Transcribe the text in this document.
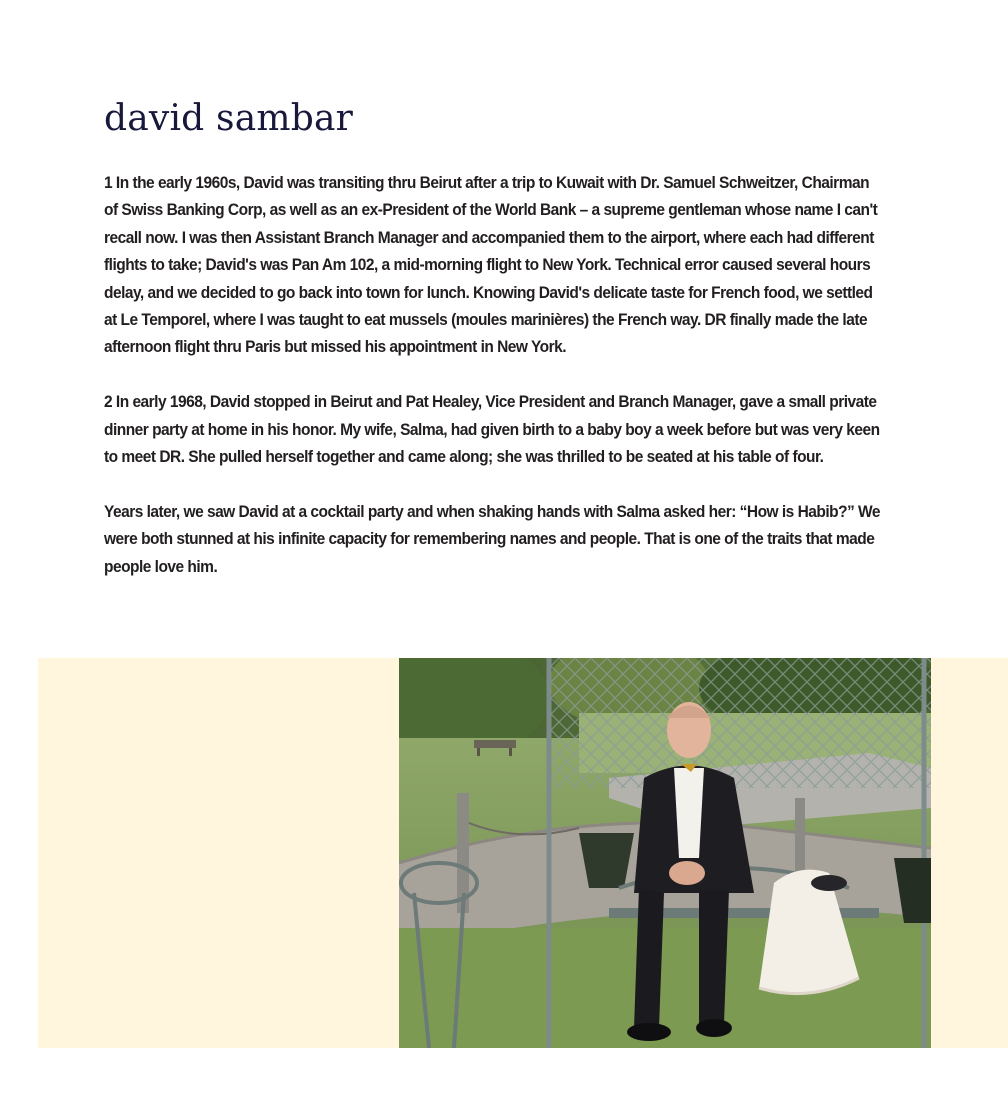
david sambar

1 In the early 1960s, David was transiting thru Beirut after a trip to Kuwait with Dr. Samuel Schweitzer, Chairman of Swiss Banking Corp, as well as an ex-President of the World Bank – a supreme gentleman whose name I can't recall now. I was then Assistant Branch Manager and accompanied them to the airport, where each had different flights to take; David's was Pan Am 102, a mid-morning flight to New York. Technical error caused several hours delay, and we decided to go back into town for lunch. Knowing David's delicate taste for French food, we settled at Le Temporel, where I was taught to eat mussels (moules marinières) the French way. DR finally made the late afternoon flight thru Paris but missed his appointment in New York.

2 In early 1968, David stopped in Beirut and Pat Healey, Vice President and Branch Manager, gave a small private dinner party at home in his honor. My wife, Salma, had given birth to a baby boy a week before but was very keen to meet DR. She pulled herself together and came along; she was thrilled to be seated at his table of four.

Years later, we saw David at a cocktail party and when shaking hands with Salma asked her: “How is Habib?” We were both stunned at his infinite capacity for remembering names and people. That is one of the traits that made people love him.
